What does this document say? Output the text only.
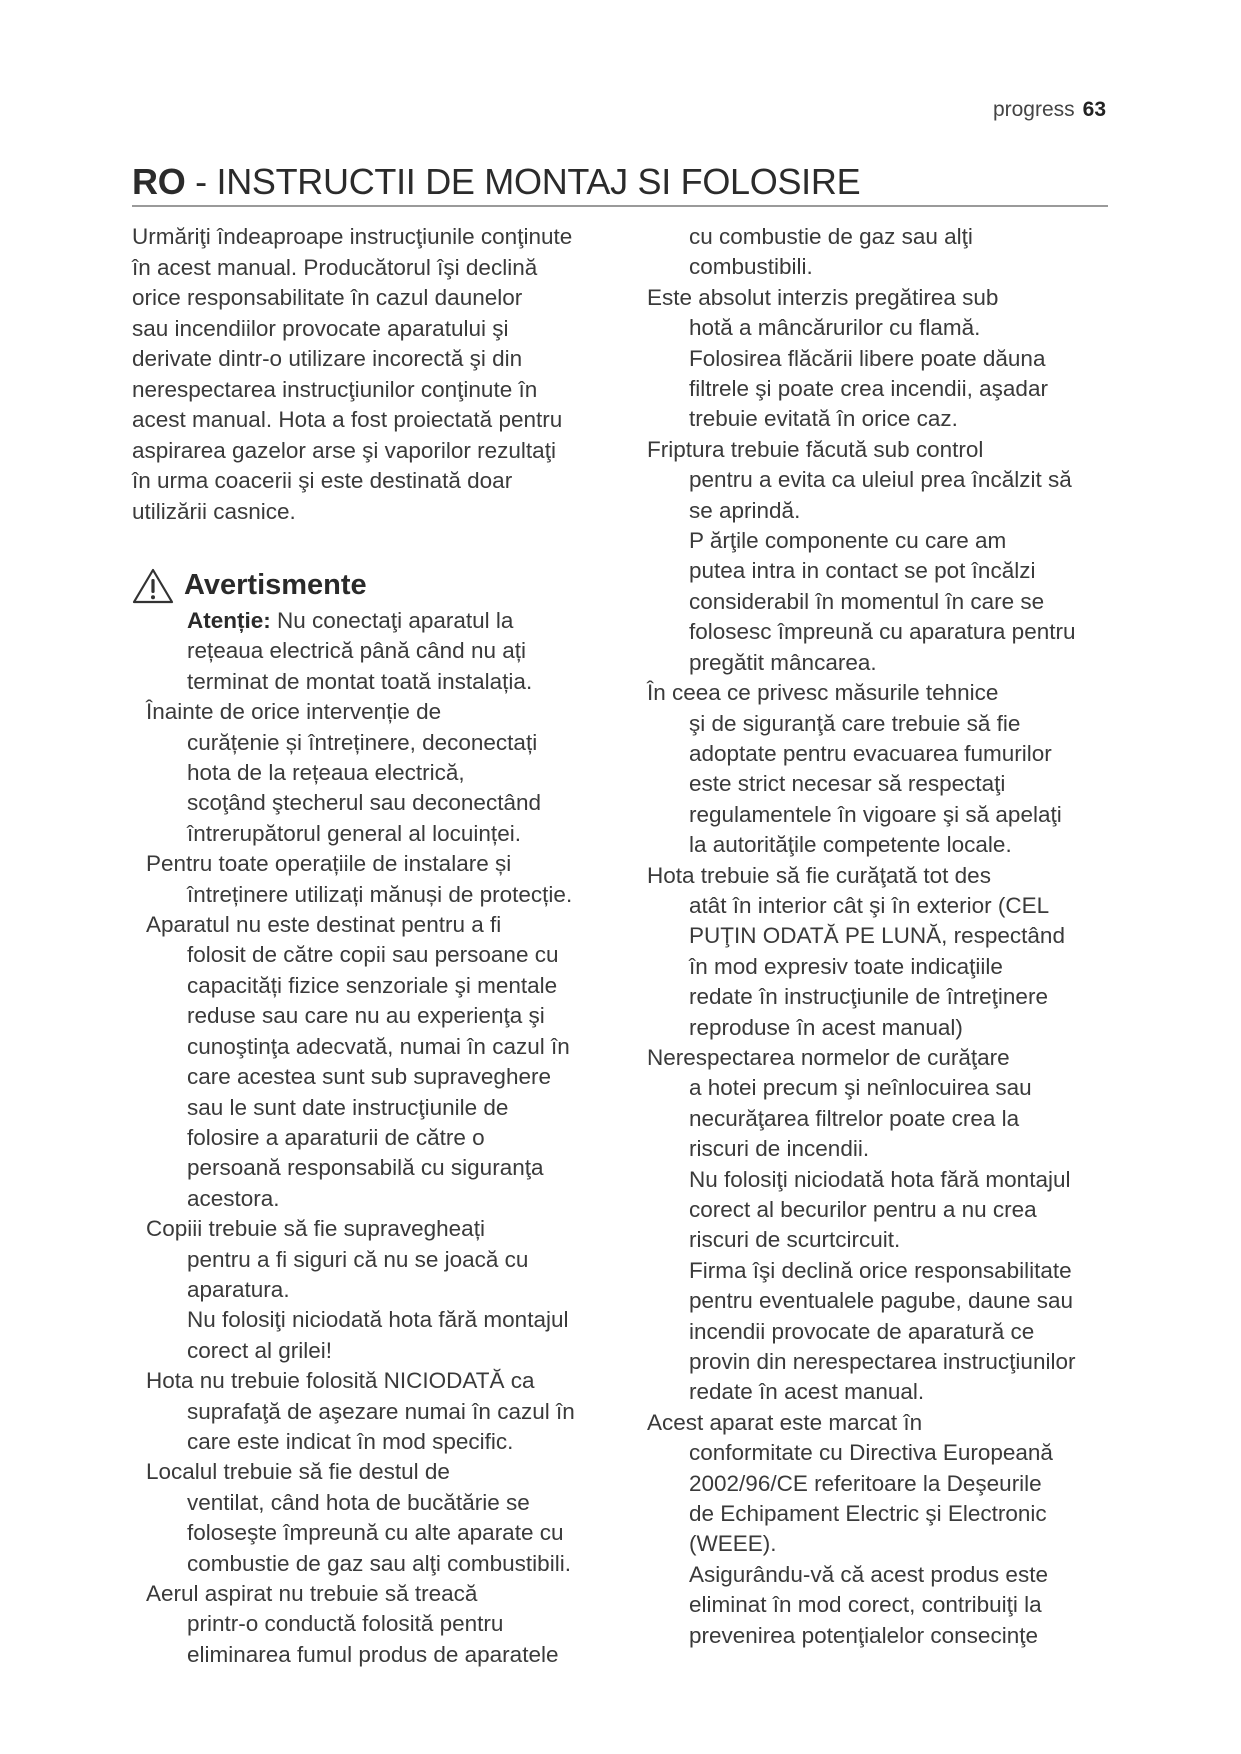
progress 63
RO - INSTRUCTII DE MONTAJ SI FOLOSIRE

Urmăriţi îndeaproape instrucţiunile conţinute

în acest manual. Producătorul îşi declină

orice responsabilitate în cazul daunelor

sau incendiilor provocate aparatului şi

derivate dintr-o utilizare incorectă şi din

nerespectarea instrucţiunilor conţinute în

acest manual. Hota a fost proiectată pentru

aspirarea gazelor arse şi vaporilor rezultaţi

în urma coacerii şi este destinată doar

utilizării casnice.

Avertismente
Atenție: Nu conectaţi aparatul la
rețeaua electrică până când nu ați
terminat de montat toată instalația.
Înainte de orice intervenție de
curățenie și întreținere, deconectați
hota de la rețeaua electrică,
scoţând ştecherul sau deconectând
întrerupătorul general al locuinței.
Pentru toate operațiile de instalare și
întreținere utilizați mănuși de protecție.
Aparatul nu este destinat pentru a fi
folosit de către copii sau persoane cu
capacități fizice senzoriale şi mentale
reduse sau care nu au experienţa şi
cunoştinţa adecvată, numai în cazul în
care acestea sunt sub supraveghere
sau le sunt date instrucţiunile de
folosire a aparaturii de către o
persoană responsabilă cu siguranţa
acestora.
Copiii trebuie să fie supravegheați
pentru a fi siguri că nu se joacă cu
aparatura.
Nu folosiţi niciodată hota fără montajul
corect al grilei!
Hota nu trebuie folosită NICIODATĂ ca
suprafaţă de aşezare numai în cazul în
care este indicat în mod specific.
Localul trebuie să fie destul de
ventilat, când hota de bucătărie se
foloseşte împreună cu alte aparate cu
combustie de gaz sau alţi combustibili.
Aerul aspirat nu trebuie să treacă
printr-o conductă folosită pentru
eliminarea fumul produs de aparatele
cu combustie de gaz sau alţi
combustibili.
Este absolut interzis pregătirea sub
hotă a mâncărurilor cu flamă.
Folosirea flăcării libere poate dăuna
filtrele şi poate crea incendii, aşadar
trebuie evitată în orice caz.
Friptura trebuie făcută sub control
pentru a evita ca uleiul prea încălzit să
se aprindă.
P ărţile componente cu care am
putea intra in contact se pot încălzi
considerabil în momentul în care se
folosesc împreună cu aparatura pentru
pregătit mâncarea.
În ceea ce privesc măsurile tehnice
şi de siguranţă care trebuie să fie
adoptate pentru evacuarea fumurilor
este strict necesar să respectaţi
regulamentele în vigoare şi să apelaţi
la autorităţile competente locale.
Hota trebuie să fie curăţată tot des
atât în interior cât şi în exterior (CEL
PUŢIN ODATĂ PE LUNĂ, respectând
în mod expresiv toate indicaţiile
redate în instrucţiunile de întreţinere
reproduse în acest manual)
Nerespectarea normelor de curăţare
a hotei precum şi neînlocuirea sau
necurăţarea filtrelor poate crea la
riscuri de incendii.
Nu folosiţi niciodată hota fără montajul
corect al becurilor pentru a nu crea
riscuri de scurtcircuit.
Firma îşi declină orice responsabilitate
pentru eventualele pagube, daune sau
incendii provocate de aparatură ce
provin din nerespectarea instrucţiunilor
redate în acest manual.
Acest aparat este marcat în
conformitate cu Directiva Europeană
2002/96/CE referitoare la Deşeurile
de Echipament Electric şi Electronic
(WEEE).
Asigurându-vă că acest produs este
eliminat în mod corect, contribuiţi la
prevenirea potenţialelor consecinţe
